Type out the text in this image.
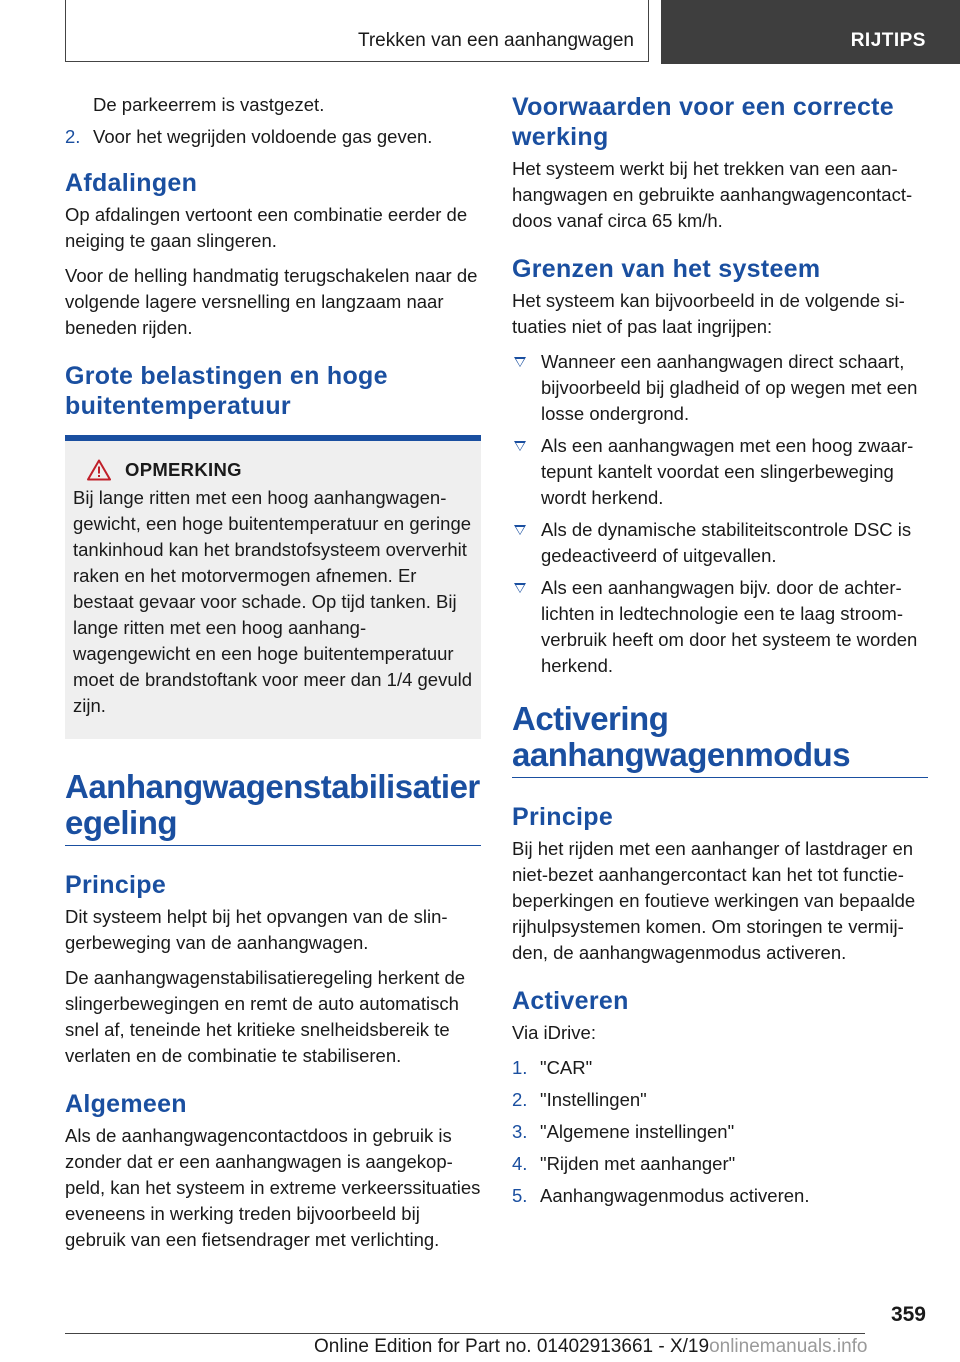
Trekken van een aanhangwagen	RIJTIPS

De parkeerrem is vastgezet.

2. Voor het wegrijden voldoende gas geven.
Afdalingen

Op afdalingen vertoont een combinatie eerder de neiging te gaan slingeren.

Voor de helling handmatig terugschakelen naar de volgende lagere versnelling en langzaam naar beneden rijden.

Grote belastingen en hoge buitentemperatuur
OPMERKING

Bij lange ritten met een hoog aanhangwagengewicht, een hoge buitentemperatuur en geringe tankinhoud kan het brandstofsysteem oververhit raken en het motorvermogen afnemen. Er bestaat gevaar voor schade. Op tijd tanken. Bij lange ritten met een hoog aanhangwagengewicht en een hoge buitentemperatuur moet de brandstoftank voor meer dan 1/4 gevuld zijn.

Aanhangwagenstabilisatieregeling
Principe

Dit systeem helpt bij het opvangen van de slingerbeweging van de aanhangwagen.

De aanhangwagenstabilisatieregeling herkent de slingerbewegingen en remt de auto automatisch snel af, teneinde het kritieke snelheidsbereik te verlaten en de combinatie te stabiliseren.

Algemeen

Als de aanhangwagencontactdoos in gebruik is zonder dat er een aanhangwagen is aangekoppeld, kan het systeem in extreme verkeerssituaties eveneens in werking treden bijvoorbeeld bij gebruik van een fietsendrager met verlichting.

Voorwaarden voor een correcte werking

Het systeem werkt bij het trekken van een aanhangwagen en gebruikte aanhangwagencontactdoos vanaf circa 65 km/h.

Grenzen van het systeem

Het systeem kan bijvoorbeeld in de volgende situaties niet of pas laat ingrijpen:

Wanneer een aanhangwagen direct schaart, bijvoorbeeld bij gladheid of op wegen met een losse ondergrond.
Als een aanhangwagen met een hoog zwaartepunt kantelt voordat een slingerbeweging wordt herkend.
Als de dynamische stabiliteitscontrole DSC is gedeactiveerd of uitgevallen.
Als een aanhangwagen bijv. door de achterlichten in ledtechnologie een te laag stroomverbruik heeft om door het systeem te worden herkend.
Activering aanhangwagenmodus
Principe

Bij het rijden met een aanhanger of lastdrager en niet-bezet aanhangercontact kan het tot functiebeperkingen en foutieve werkingen van bepaalde rijhulpsystemen komen. Om storingen te vermijden, de aanhangwagenmodus activeren.

Activeren

Via iDrive:

1. "CAR"
2. "Instellingen"
3. "Algemene instellingen"
4. "Rijden met aanhanger"
5. Aanhangwagenmodus activeren.
359
Online Edition for Part no. 01402913661 - X/19onlinemanuals.info
